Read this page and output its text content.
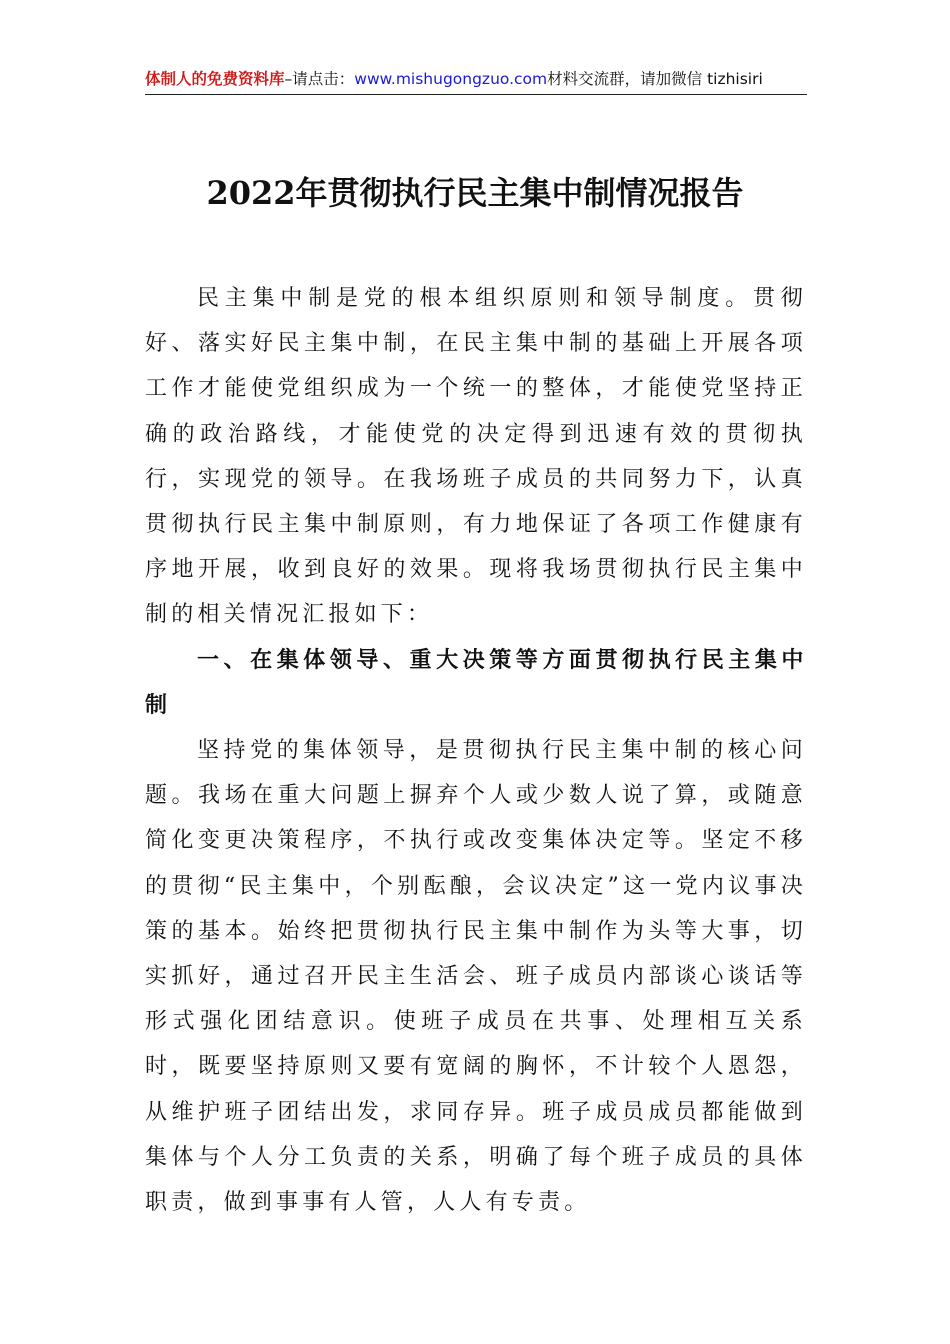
体制人的免费资料库–请点击：www.mishugongzuo.com材料交流群，请加微信 tizhisiri
2022年贯彻执行民主集中制情况报告

民主集中制是党的根本组织原则和领导制度。贯彻好、落实好民主集中制，在民主集中制的基础上开展各项工作才能使党组织成为一个统一的整体，才能使党坚持正确的政治路线，才能使党的决定得到迅速有效的贯彻执行，实现党的领导。在我场班子成员的共同努力下，认真贯彻执行民主集中制原则，有力地保证了各项工作健康有序地开展，收到良好的效果。现将我场贯彻执行民主集中制的相关情况汇报如下：

一、在集体领导、重大决策等方面贯彻执行民主集中制

坚持党的集体领导，是贯彻执行民主集中制的核心问题。我场在重大问题上摒弃个人或少数人说了算，或随意简化变更决策程序，不执行或改变集体决定等。坚定不移的贯彻“民主集中，个别酝酿，会议决定”这一党内议事决策的基本。始终把贯彻执行民主集中制作为头等大事，切实抓好，通过召开民主生活会、班子成员内部谈心谈话等形式强化团结意识。使班子成员在共事、处理相互关系时，既要坚持原则又要有宽阔的胸怀，不计较个人恩怨，从维护班子团结出发，求同存异。班子成员成员都能做到集体与个人分工负责的关系，明确了每个班子成员的具体职责，做到事事有人管，人人有专责。
